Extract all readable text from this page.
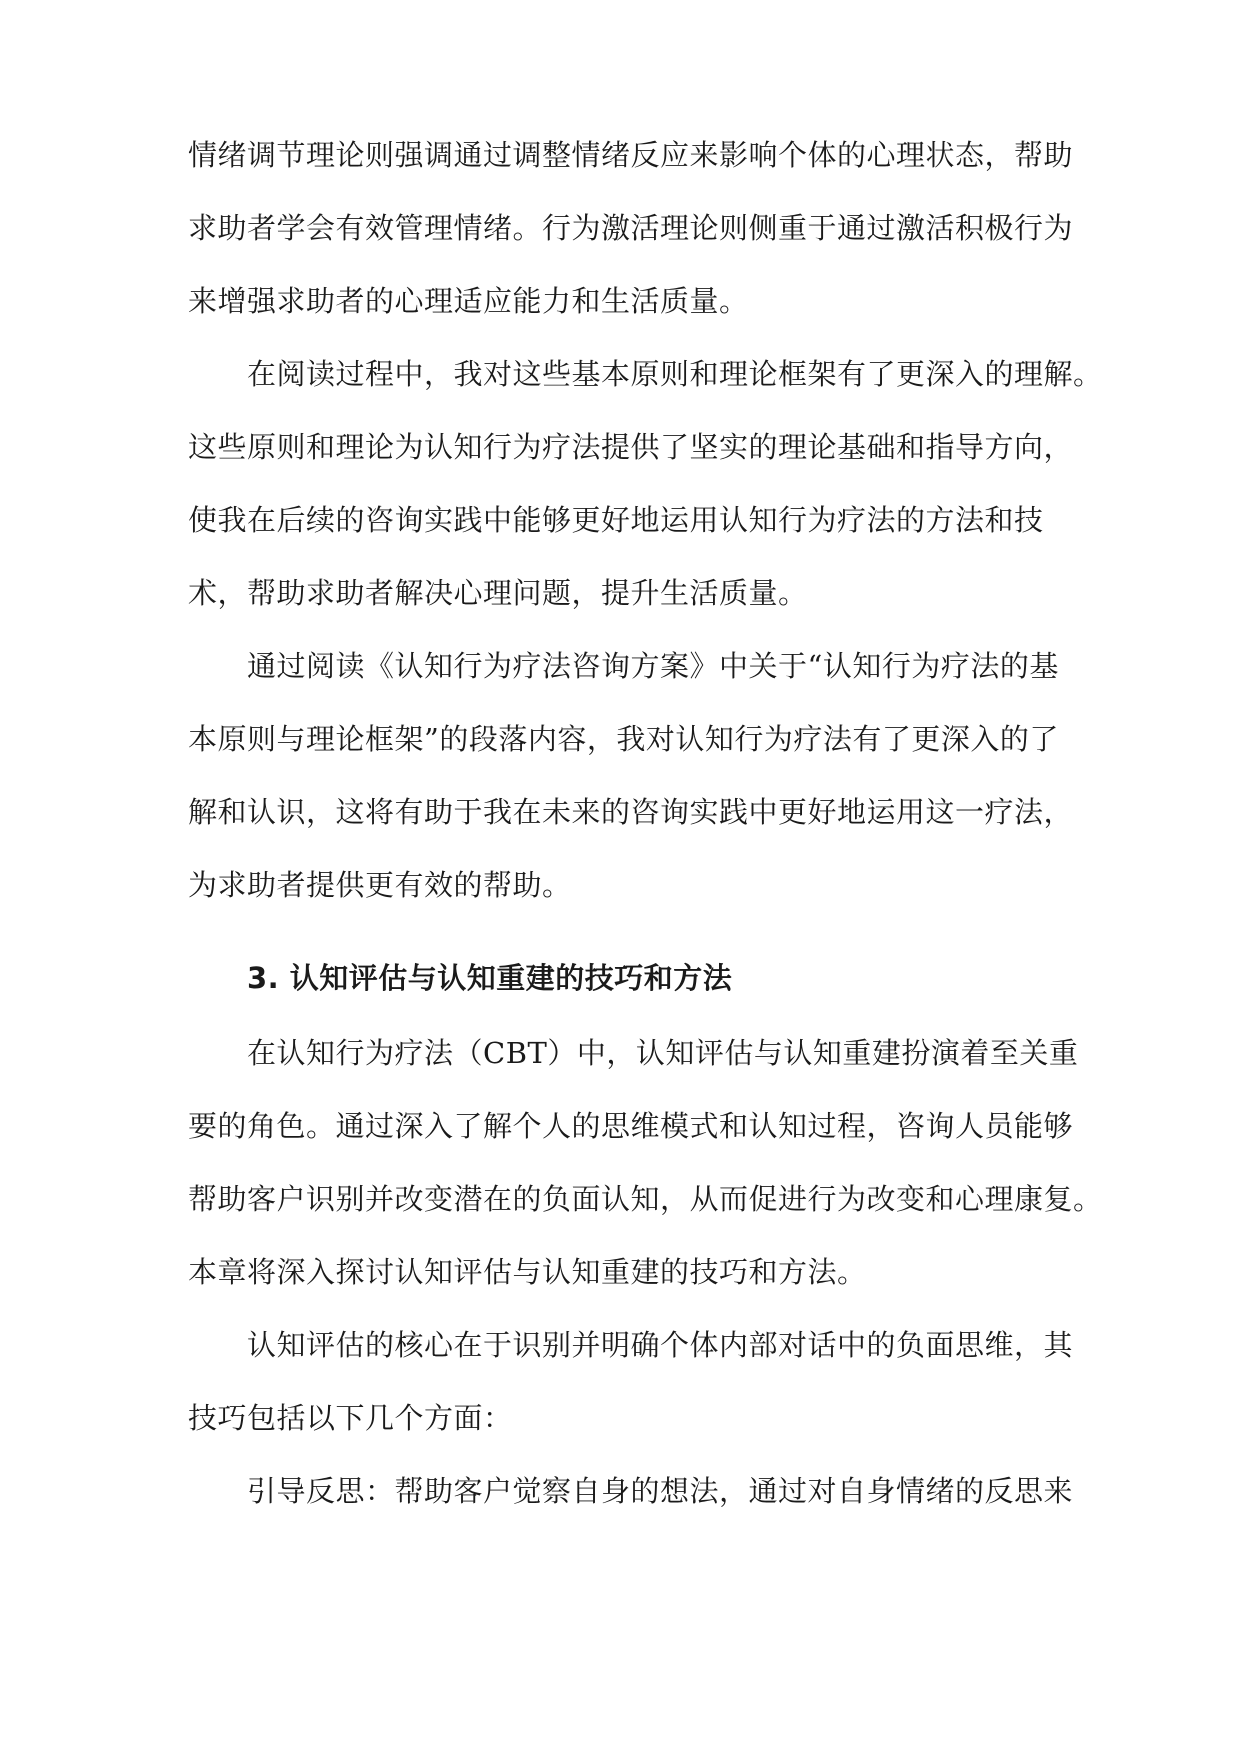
情绪调节理论则强调通过调整情绪反应来影响个体的心理状态，帮助
求助者学会有效管理情绪。行为激活理论则侧重于通过激活积极行为
来增强求助者的心理适应能力和生活质量。
在阅读过程中，我对这些基本原则和理论框架有了更深入的理解。
这些原则和理论为认知行为疗法提供了坚实的理论基础和指导方向，
使我在后续的咨询实践中能够更好地运用认知行为疗法的方法和技
术，帮助求助者解决心理问题，提升生活质量。
通过阅读《认知行为疗法咨询方案》中关于“认知行为疗法的基
本原则与理论框架”的段落内容，我对认知行为疗法有了更深入的了
解和认识，这将有助于我在未来的咨询实践中更好地运用这一疗法，
为求助者提供更有效的帮助。
3. 认知评估与认知重建的技巧和方法
在认知行为疗法（CBT）中，认知评估与认知重建扮演着至关重
要的角色。通过深入了解个人的思维模式和认知过程，咨询人员能够
帮助客户识别并改变潜在的负面认知，从而促进行为改变和心理康复。
本章将深入探讨认知评估与认知重建的技巧和方法。
认知评估的核心在于识别并明确个体内部对话中的负面思维，其
技巧包括以下几个方面：
引导反思：帮助客户觉察自身的想法，通过对自身情绪的反思来
